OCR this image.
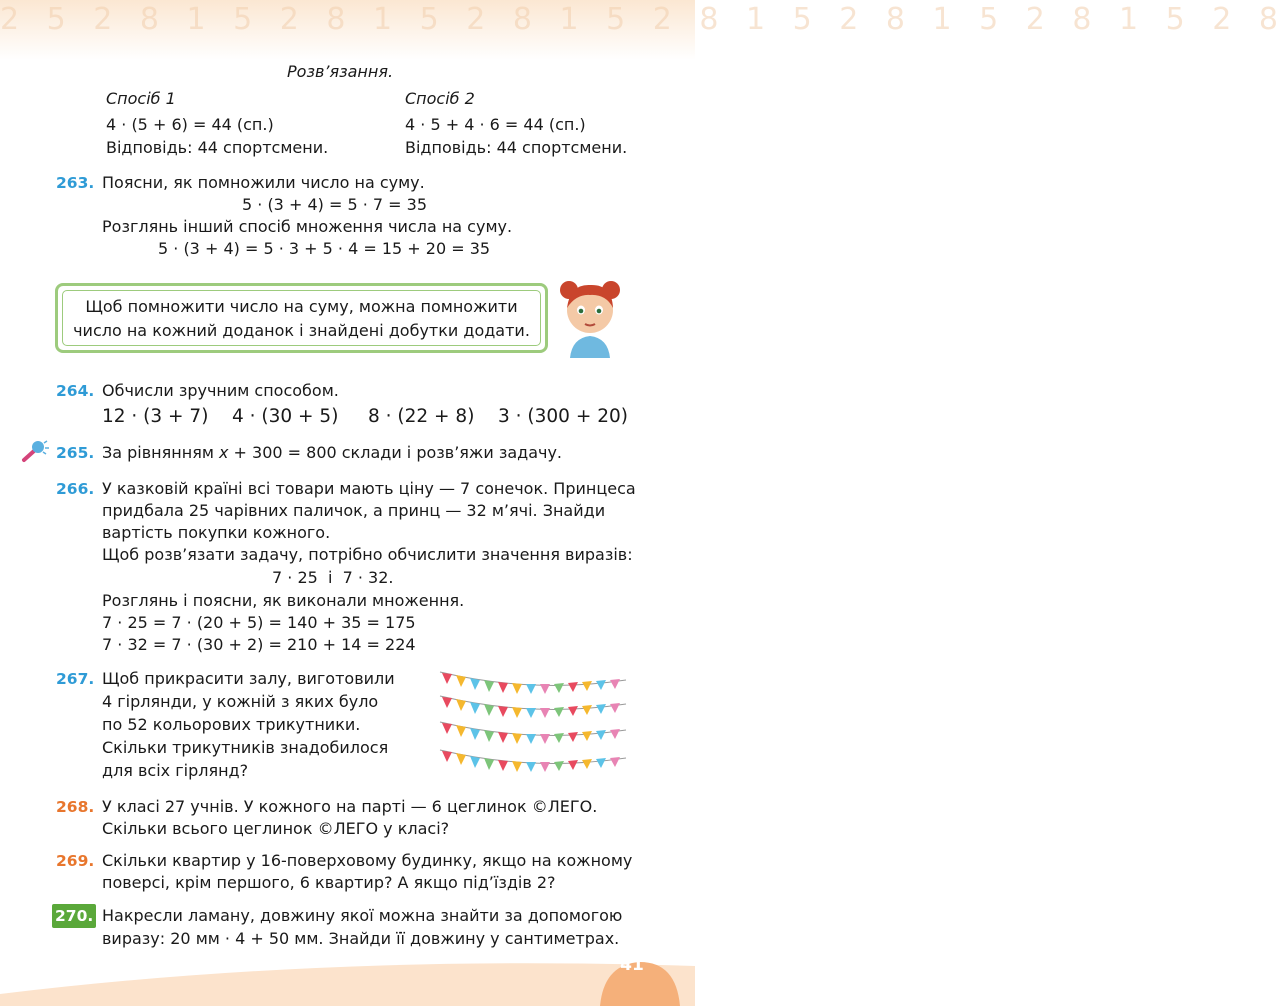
2 5 2 8 1 5 2 8 1 5 2 8 1 5 2 8 1 5 2 8 1 5 2 8 1 5 2 8
Розв’язання.
Спосіб 1
4 · (5 + 6) = 44 (сп.)
Відповідь: 44 спортсмени.
Спосіб 2
4 · 5 + 4 · 6 = 44 (сп.)
Відповідь: 44 спортсмени.
263. Поясни, як помножили число на суму.
5 · (3 + 4) = 5 · 7 = 35
Розглянь інший спосіб множення числа на суму.
5 · (3 + 4) = 5 · 3 + 5 · 4 = 15 + 20 = 35
Щоб помножити число на суму, можна помножити
число на кожний доданок і знайдені добутки додати.
264. Обчисли зручним способом.
12 · (3 + 7) 4 · (30 + 5) 8 · (22 + 8) 3 · (300 + 20)
265. За рівнянням x + 300 = 800 склади і розв’яжи задачу.
266. У казковій країні всі товари мають ціну — 7 сонечок. Принцеса
придбала 25 чарівних паличок, а принц — 32 м’ячі. Знайди
вартість покупки кожного.
Щоб розв’язати задачу, потрібно обчислити значення виразів:
7 · 25  і  7 · 32.
Розглянь і поясни, як виконали множення.
7 · 25 = 7 · (20 + 5) = 140 + 35 = 175
7 · 32 = 7 · (30 + 2) = 210 + 14 = 224
267. Щоб прикрасити залу, виготовили
4 гірлянди, у кожній з яких було
по 52 кольорових трикутники.
Скільки трикутників знадобилося
для всіх гірлянд?
268. У класі 27 учнів. У кожного на парті — 6 цеглинок ©ЛЕГО.
Скільки всього цеглинок ©ЛЕГО у класі?
269. Скільки квартир у 16-поверховому будинку, якщо на кожному
поверсі, крім першого, 6 квартир? А якщо під’їздів 2?
270. Накресли ламану, довжину якої можна знайти за допомогою
виразу: 20 мм · 4 + 50 мм. Знайди її довжину у сантиметрах.
41
